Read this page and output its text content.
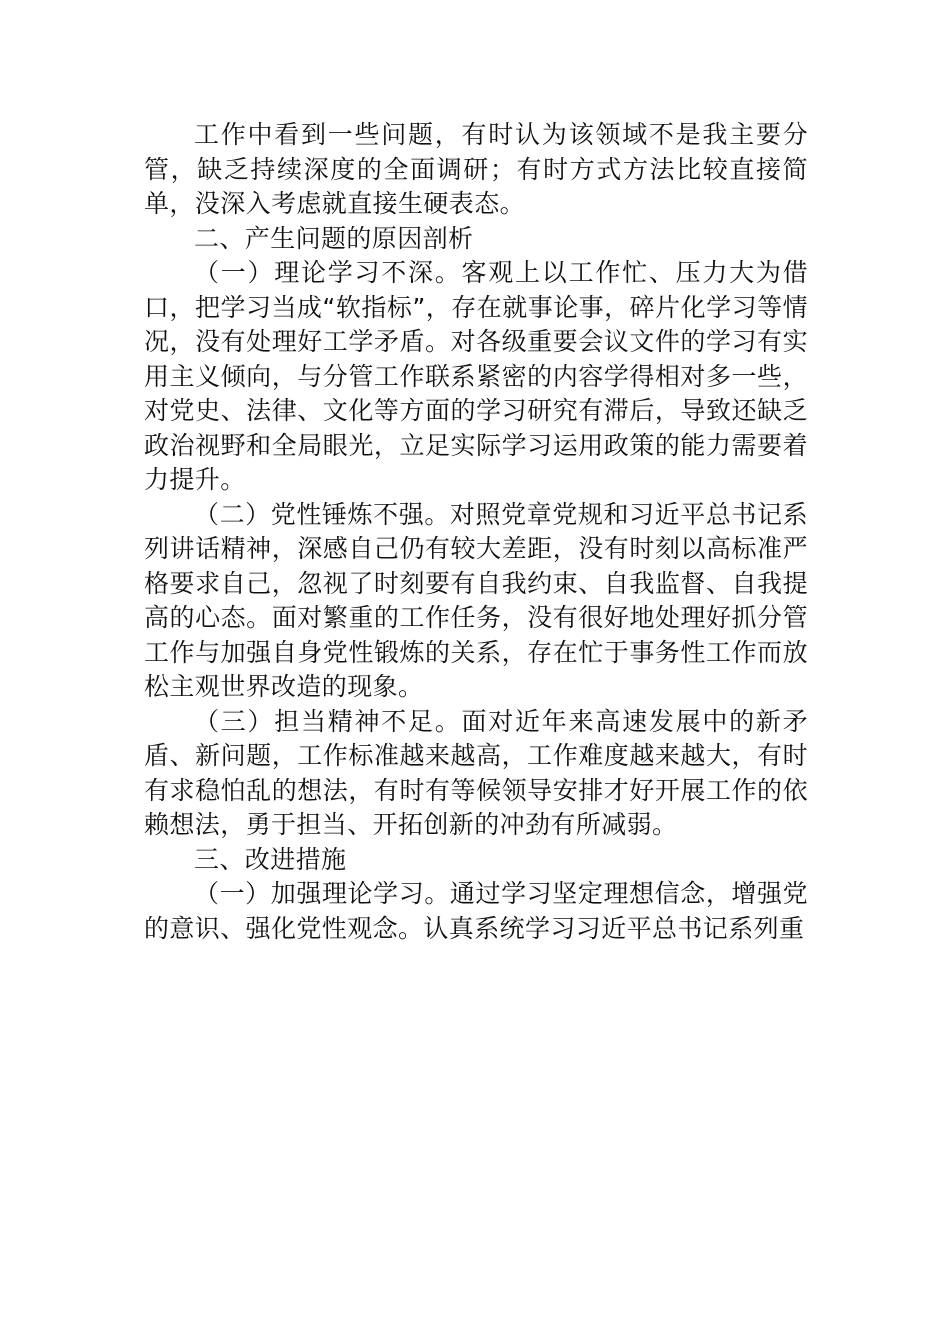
工作中看到一些问题，有时认为该领域不是我主要分管，缺乏持续深度的全面调研；有时方式方法比较直接简单，没深入考虑就直接生硬表态。

二、产生问题的原因剖析

（一）理论学习不深。客观上以工作忙、压力大为借口，把学习当成“软指标”，存在就事论事，碎片化学习等情况，没有处理好工学矛盾。对各级重要会议文件的学习有实用主义倾向，与分管工作联系紧密的内容学得相对多一些，对党史、法律、文化等方面的学习研究有滞后，导致还缺乏政治视野和全局眼光，立足实际学习运用政策的能力需要着力提升。

（二）党性锤炼不强。对照党章党规和习近平总书记系列讲话精神，深感自己仍有较大差距，没有时刻以高标准严格要求自己，忽视了时刻要有自我约束、自我监督、自我提高的心态。面对繁重的工作任务，没有很好地处理好抓分管工作与加强自身党性锻炼的关系，存在忙于事务性工作而放松主观世界改造的现象。

（三）担当精神不足。面对近年来高速发展中的新矛盾、新问题，工作标准越来越高，工作难度越来越大，有时有求稳怕乱的想法，有时有等候领导安排才好开展工作的依赖想法，勇于担当、开拓创新的冲劲有所减弱。

三、改进措施

（一）加强理论学习。通过学习坚定理想信念，增强党的意识、强化党性观念。认真系统学习习近平总书记系列重
